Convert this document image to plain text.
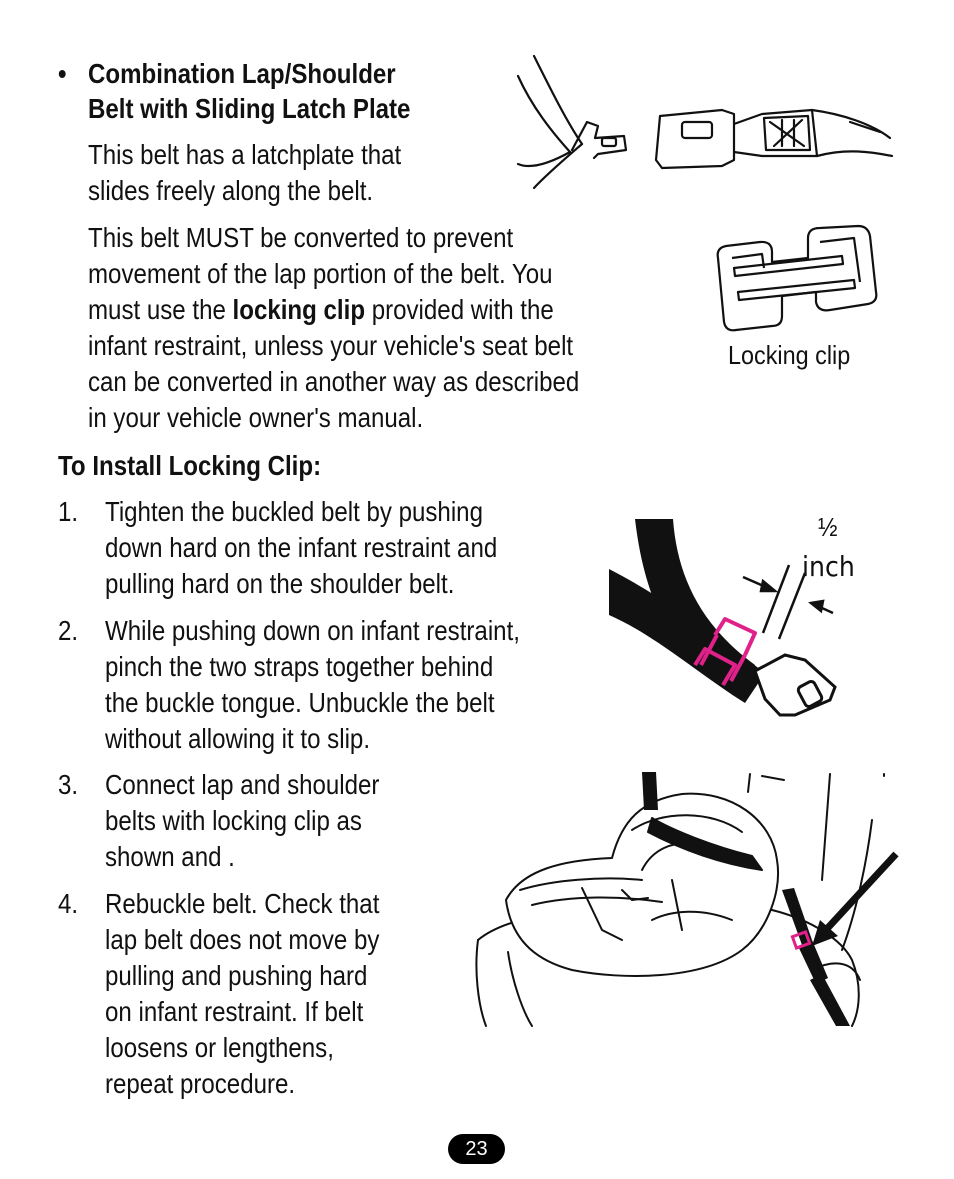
• Combination Lap/Shoulder
Belt with Sliding Latch Plate
This belt has a latchplate that
slides freely along the belt.
This belt MUST be converted to prevent
movement of the lap portion of the belt. You
must use the locking clip provided with the
infant restraint, unless your vehicle's seat belt
can be converted in another way as described
in your vehicle owner's manual.
To Install Locking Clip:
1. Tighten the buckled belt by pushing
down hard on the infant restraint and
pulling hard on the shoulder belt.
2. While pushing down on infant restraint,
pinch the two straps together behind
the buckle tongue. Unbuckle the belt
without allowing it to slip.
3. Connect lap and shoulder
belts with locking clip as
shown and .
4. Rebuckle belt. Check that
lap belt does not move by
pulling and pushing hard
on infant restraint. If belt
loosens or lengthens,
repeat procedure.
Locking clip
½
inch
23
